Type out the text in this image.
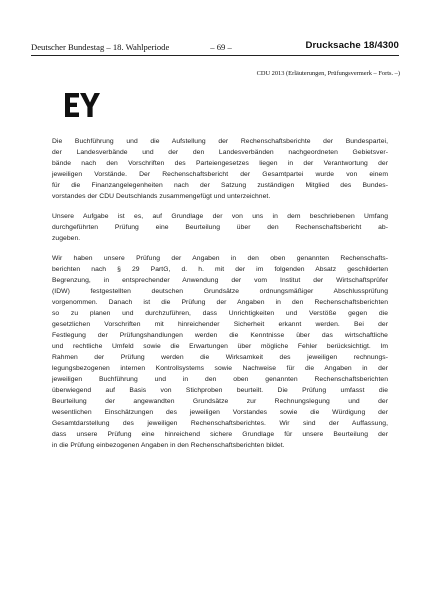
Deutscher Bundestag – 18. Wahlperiode	– 69 –	Drucksache 18/4300
CDU 2013 (Erläuterungen, Prüfungsvermerk – Forts. –)

Die Buchführung und die Aufstellung der Rechenschaftsberichte der Bundespartei,
der Landesverbände und der den Landesverbänden nachgeordneten Gebietsver-
bände nach den Vorschriften des Parteiengesetzes liegen in der Verantwortung der
jeweiligen Vorstände. Der Rechenschaftsbericht der Gesamtpartei wurde von einem
für die Finanzangelegenheiten nach der Satzung zuständigen Mitglied des Bundes-
vorstandes der CDU Deutschlands zusammengefügt und unterzeichnet.

Unsere Aufgabe ist es, auf Grundlage der von uns in dem beschriebenen Umfang
durchgeführten Prüfung eine Beurteilung über den Rechenschaftsbericht ab-
zugeben.

Wir haben unsere Prüfung der Angaben in den oben genannten Rechenschafts-
berichten nach § 29 PartG, d. h. mit der im folgenden Absatz geschilderten
Begrenzung, in entsprechender Anwendung der vom Institut der Wirtschaftsprüfer
(IDW) festgestellten deutschen Grundsätze ordnungsmäßiger Abschlussprüfung
vorgenommen. Danach ist die Prüfung der Angaben in den Rechenschaftsberichten
so zu planen und durchzuführen, dass Unrichtigkeiten und Verstöße gegen die
gesetzlichen Vorschriften mit hinreichender Sicherheit erkannt werden. Bei der
Festlegung der Prüfungshandlungen werden die Kenntnisse über das wirtschaftliche
und rechtliche Umfeld sowie die Erwartungen über mögliche Fehler berücksichtigt. Im
Rahmen der Prüfung werden die Wirksamkeit des jeweiligen rechnungs-
legungsbezogenen internen Kontrollsystems sowie Nachweise für die Angaben in der
jeweiligen Buchführung und in den oben genannten Rechenschaftsberichten
überwiegend auf Basis von Stichproben beurteilt. Die Prüfung umfasst die
Beurteilung der angewandten Grundsätze zur Rechnungslegung und der
wesentlichen Einschätzungen des jeweiligen Vorstandes sowie die Würdigung der
Gesamtdarstellung des jeweiligen Rechenschaftsberichtes. Wir sind der Auffassung,
dass unsere Prüfung eine hinreichend sichere Grundlage für unsere Beurteilung der
in die Prüfung einbezogenen Angaben in den Rechenschaftsberichten bildet.
